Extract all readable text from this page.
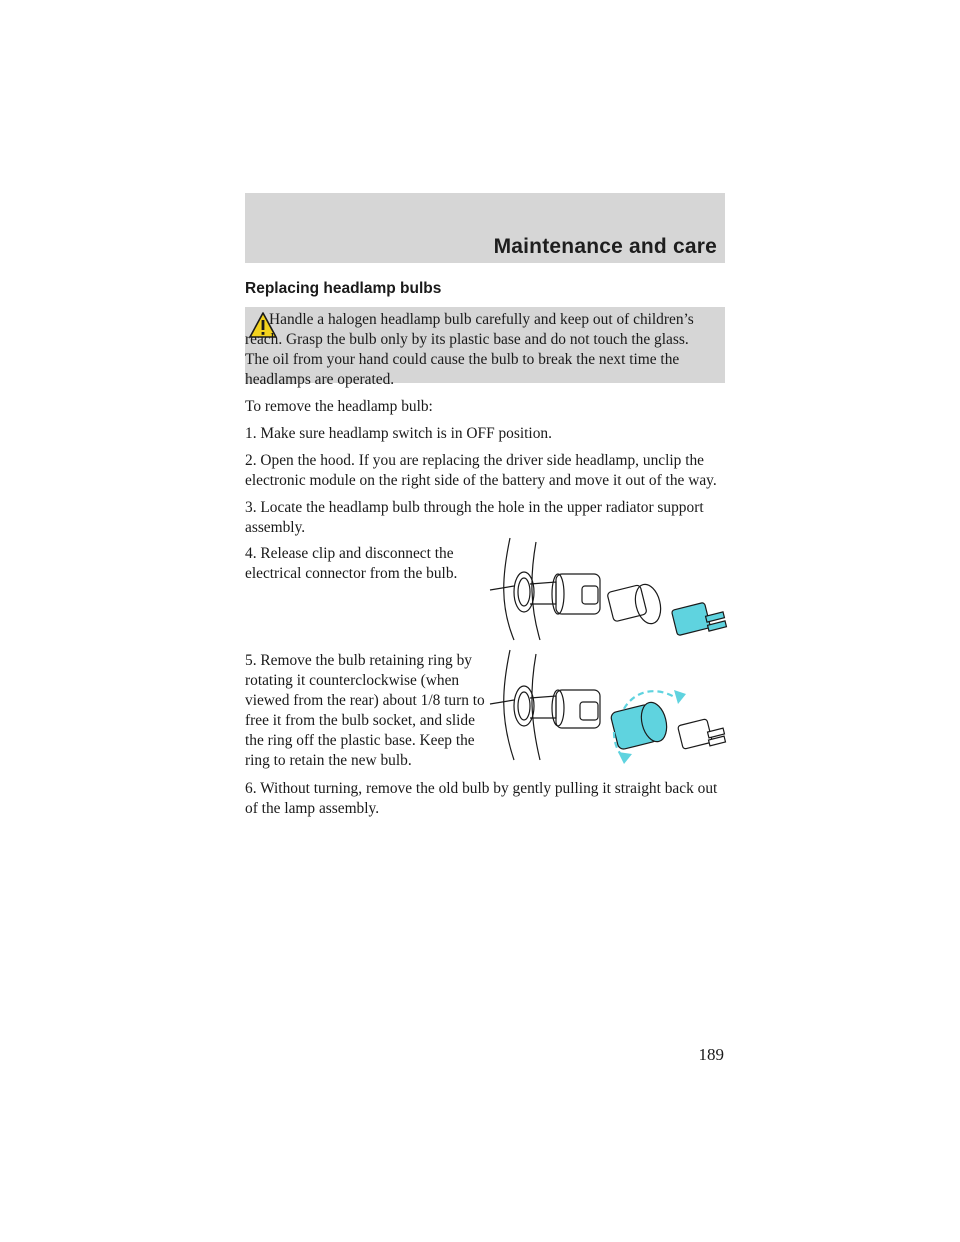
Maintenance and care
Replacing headlamp bulbs

Handle a halogen headlamp bulb carefully and keep out of children’s reach. Grasp the bulb only by its plastic base and do not touch the glass. The oil from your hand could cause the bulb to break the next time the headlamps are operated.

To remove the headlamp bulb:

1. Make sure headlamp switch is in OFF position.

2. Open the hood. If you are replacing the driver side headlamp, unclip the electronic module on the right side of the battery and move it out of the way.

3. Locate the headlamp bulb through the hole in the upper radiator support assembly.

4. Release clip and disconnect the electrical connector from the bulb.

5. Remove the bulb retaining ring by rotating it counterclockwise (when viewed from the rear) about 1/8 turn to free it from the bulb socket, and slide the ring off the plastic base. Keep the ring to retain the new bulb.

6. Without turning, remove the old bulb by gently pulling it straight back out of the lamp assembly.

189
